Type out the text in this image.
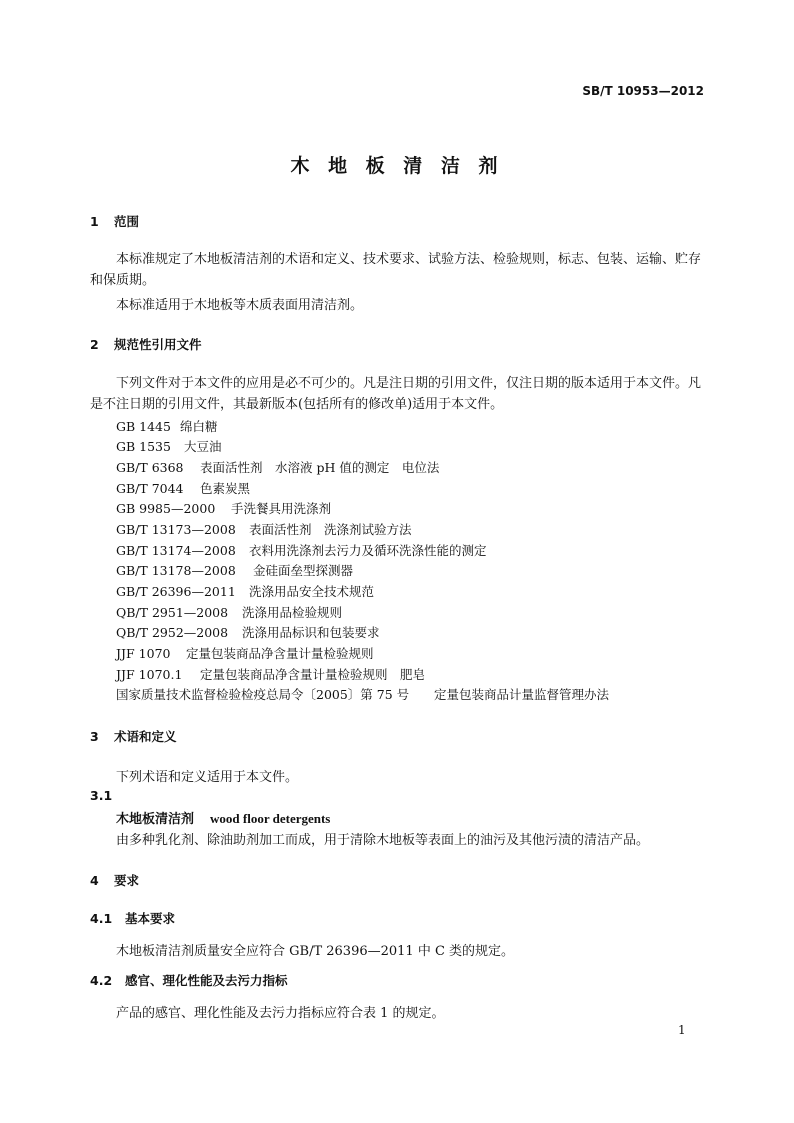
SB/T 10953—2012
木 地 板 清 洁 剂
1 范围
本标准规定了木地板清洁剂的术语和定义、技术要求、试验方法、检验规则，标志、包装、运输、贮存和保质期。
本标准适用于木地板等木质表面用清洁剂。
2 规范性引用文件
下列文件对于本文件的应用是必不可少的。凡是注日期的引用文件，仅注日期的版本适用于本文件。凡是不注日期的引用文件，其最新版本(包括所有的修改单)适用于本文件。
GB 1445 绵白糖
GB 1535 大豆油
GB/T 6368 表面活性剂　水溶液 pH 值的测定　电位法
GB/T 7044 色素炭黑
GB 9985—2000 手洗餐具用洗涤剂
GB/T 13173—2008 表面活性剂　洗涤剂试验方法
GB/T 13174—2008 衣料用洗涤剂去污力及循环洗涤性能的测定
GB/T 13178—2008 金硅面垒型探测器
GB/T 26396—2011 洗涤用品安全技术规范
QB/T 2951—2008 洗涤用品检验规则
QB/T 2952—2008 洗涤用品标识和包装要求
JJF 1070 定量包装商品净含量计量检验规则
JJF 1070.1 定量包装商品净含量计量检验规则　肥皂
国家质量技术监督检验检疫总局令〔2005〕第 75 号 定量包装商品计量监督管理办法
3 术语和定义
下列术语和定义适用于本文件。
3.1
木地板清洁剂 wood floor detergents
由多种乳化剂、除油助剂加工而成，用于清除木地板等表面上的油污及其他污渍的清洁产品。
4 要求
4.1 基本要求
木地板清洁剂质量安全应符合 GB/T 26396—2011 中 C 类的规定。
4.2 感官、理化性能及去污力指标
产品的感官、理化性能及去污力指标应符合表 1 的规定。
1
